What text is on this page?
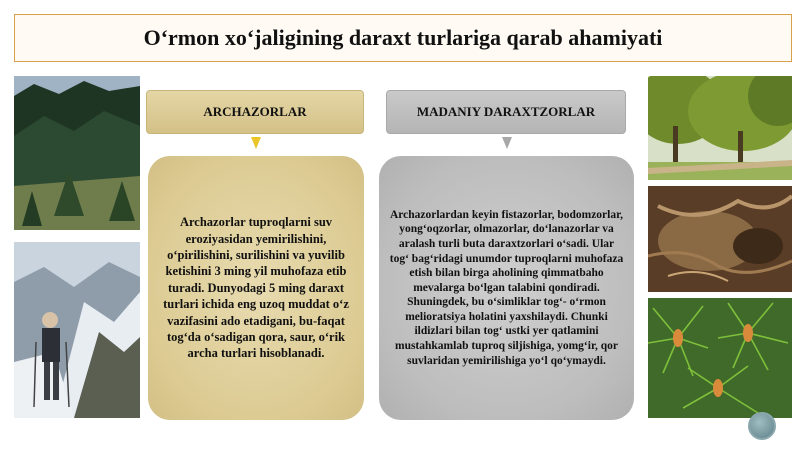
O‘rmon xo‘jaligining daraxt turlariga qarab ahamiyati
ARCHAZORLAR	MADANIY DARAXTZORLAR
Archazorlar tuproqlarni suv eroziyasidan yemirilishini, o‘pirilishini, surilishini va yuvilib ketishini 3 ming yil muhofaza etib turadi. Dunyodagi 5 ming daraxt turlari ichida eng uzoq muddat o‘z vazifasini ado etadigani, bu-faqat tog‘da o‘sadigan qora, saur, o‘rik archa turlari hisoblanadi.
Archazorlardan keyin fistazorlar, bodomzorlar, yong‘oqzorlar, olmazorlar, do‘lanazorlar va aralash turli buta daraxtzorlari o‘sadi. Ular tog‘ bag‘ridagi unumdor tuproqlarni muhofaza etish bilan birga aholining qimmatbaho mevalarga bo‘lgan talabini qondiradi. Shuningdek, bu o‘simliklar tog‘- o‘rmon melioratsiya holatini yaxshilaydi. Chunki ildizlari bilan tog‘ ustki yer qatlamini mustahkamlab tuproq siljishiga, yomg‘ir, qor suvlaridan yemirilishiga yo‘l qo‘ymaydi.
